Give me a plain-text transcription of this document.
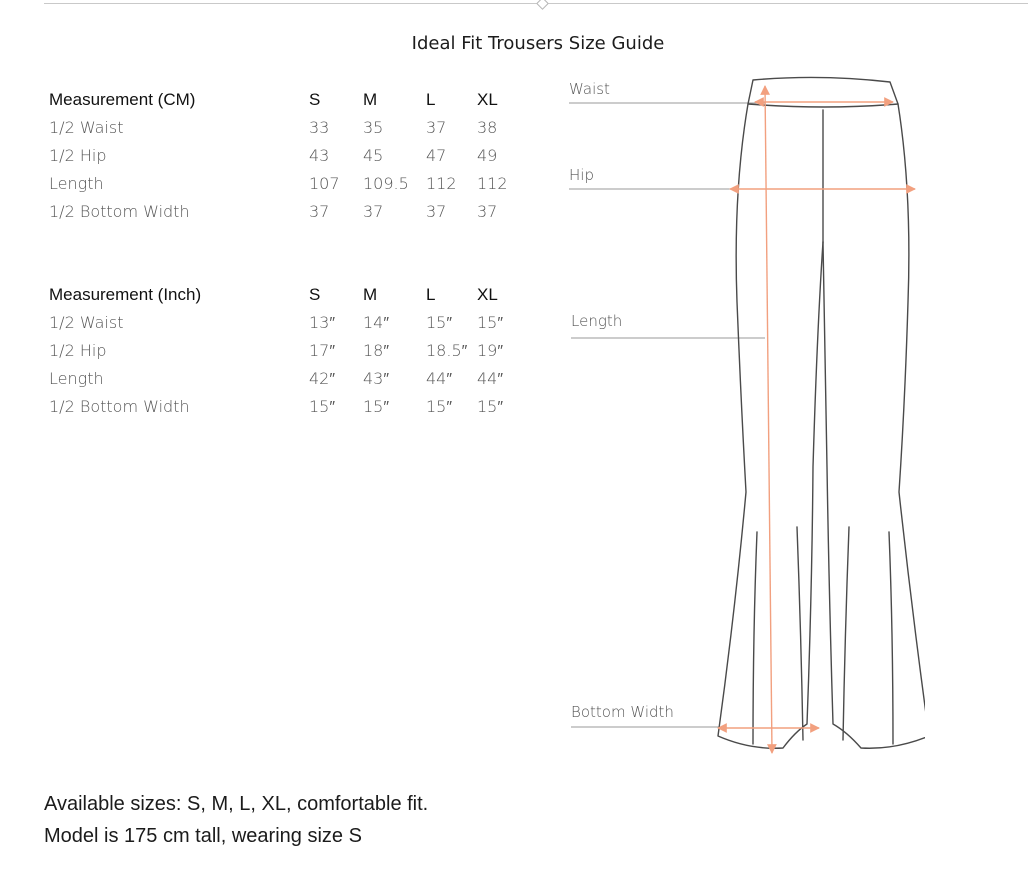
Ideal Fit Trousers Size Guide
Measurement (CM)	S	M	L XL
1/2 Waist	33 35	37 38
1/2 Hip	43 45	47 49
Length	107 109.5 112 112
1/2 Bottom Width	37 37	37 37
Measurement (Inch)	S	M	L XL
1/2 Waist	13″ 14″ 15″ 15″
1/2 Hip	17″ 18″ 18.5″ 19″
Length	42″ 43″ 44″ 44″
1/2 Bottom Width	15″ 15″ 15″ 15″
Waist
Hip
Length
Bottom Width
Available sizes: S, M, L, XL, comfortable fit.
Model is 175 cm tall, wearing size S
